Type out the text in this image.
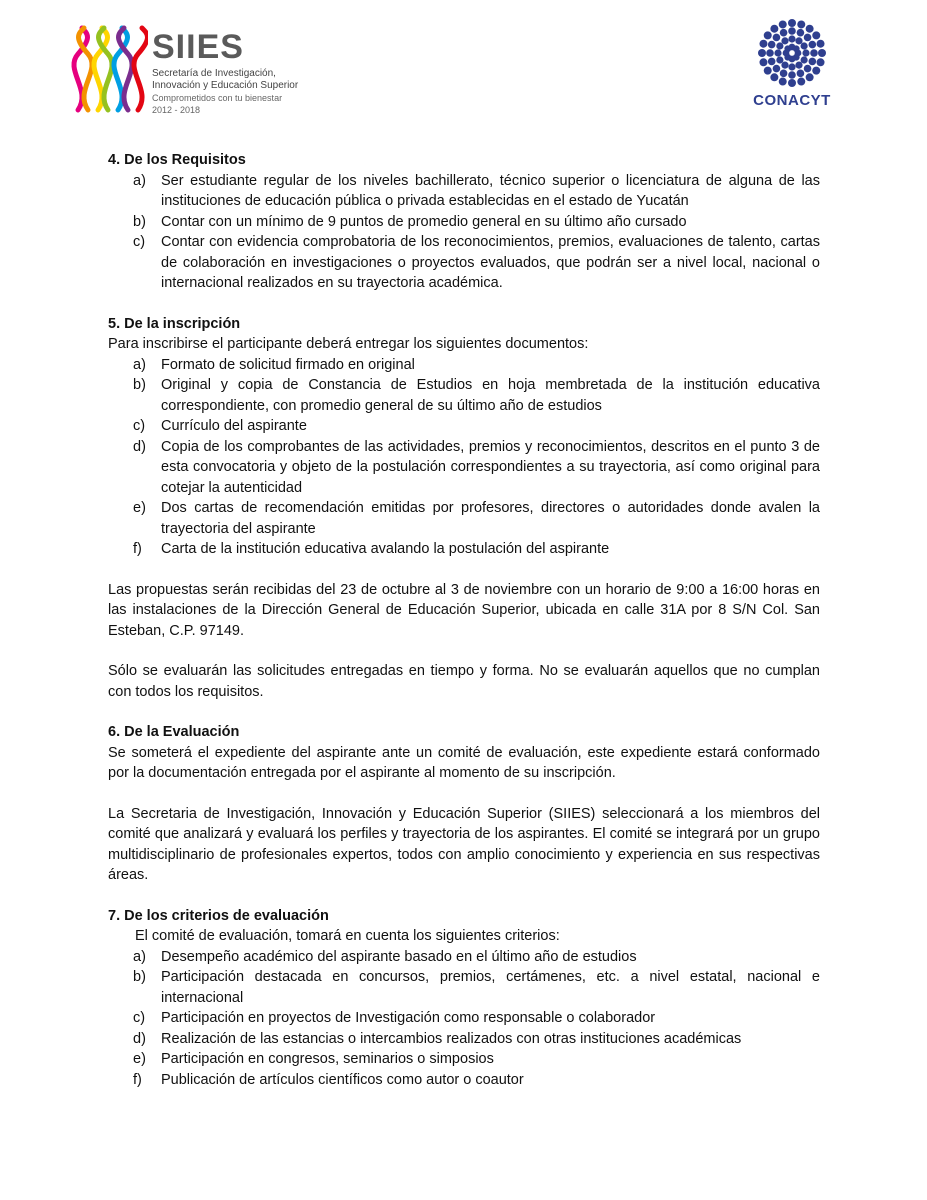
SIIES
Secretaría de Investigación,
Innovación y Educación Superior
Comprometidos con tu bienestar
2012 - 2018
CONACYT

4. De los Requisitos

a) Ser estudiante regular de los niveles bachillerato, técnico superior o licenciatura de alguna de las instituciones de educación pública o privada establecidas en el estado de Yucatán
b) Contar con un mínimo de 9 puntos de promedio general en su último año cursado
c) Contar con evidencia comprobatoria de los reconocimientos, premios, evaluaciones de talento, cartas de colaboración en investigaciones o proyectos evaluados, que podrán ser a nivel local, nacional o internacional realizados en su trayectoria académica.

5. De la inscripción

Para inscribirse el participante deberá entregar los siguientes documentos:

a) Formato de solicitud firmado en original
b) Original y copia de Constancia de Estudios en hoja membretada de la institución educativa correspondiente, con promedio general de su último año de estudios
c) Currículo del aspirante
d) Copia de los comprobantes de las actividades, premios y reconocimientos, descritos en el punto 3 de esta convocatoria y objeto de la postulación correspondientes a su trayectoria, así como original para cotejar la autenticidad
e) Dos cartas de recomendación emitidas por profesores, directores o autoridades donde avalen la trayectoria del aspirante
f) Carta de la institución educativa avalando la postulación del aspirante

Las propuestas serán recibidas del 23 de octubre al 3 de noviembre con un horario de 9:00 a 16:00 horas en las instalaciones de la Dirección General de Educación Superior, ubicada en calle 31A por 8 S/N Col. San Esteban, C.P. 97149.

Sólo se evaluarán las solicitudes entregadas en tiempo y forma. No se evaluarán aquellos que no cumplan con todos los requisitos.

6. De la Evaluación

Se someterá el expediente del aspirante ante un comité de evaluación, este expediente estará conformado por la documentación entregada por el aspirante al momento de su inscripción.

La Secretaria de Investigación, Innovación y Educación Superior (SIIES) seleccionará a los miembros del comité que analizará y evaluará los perfiles y trayectoria de los aspirantes. El comité se integrará por un grupo multidisciplinario de profesionales expertos, todos con amplio conocimiento y experiencia en sus respectivas áreas.

7. De los criterios de evaluación

El comité de evaluación, tomará en cuenta los siguientes criterios:

a) Desempeño académico del aspirante basado en el último año de estudios
b) Participación destacada en concursos, premios, certámenes, etc. a nivel estatal, nacional e internacional
c) Participación en proyectos de Investigación como responsable o colaborador
d) Realización de las estancias o intercambios realizados con otras instituciones académicas
e) Participación en congresos, seminarios o simposios
f) Publicación de artículos científicos como autor o coautor
